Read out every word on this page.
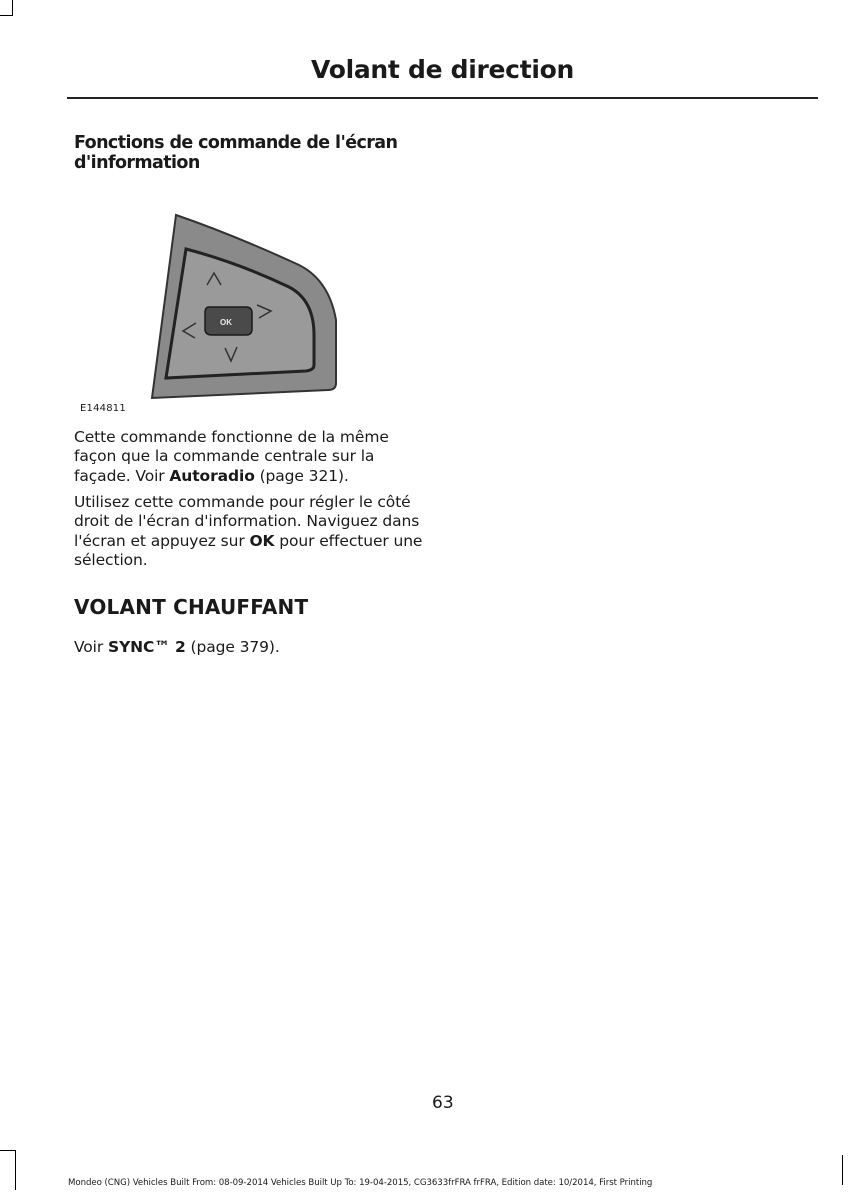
Volant de direction
Fonctions de commande de l'écran d'information
OK
E144811

Cette commande fonctionne de la même façon que la commande centrale sur la façade. Voir Autoradio (page 321).

Utilisez cette commande pour régler le côté droit de l'écran d'information. Naviguez dans l'écran et appuyez sur OK pour effectuer une sélection.

VOLANT CHAUFFANT

Voir SYNC™ 2 (page 379).

63
Mondeo (CNG) Vehicles Built From: 08-09-2014 Vehicles Built Up To: 19-04-2015, CG3633frFRA frFRA, Edition date: 10/2014, First Printing
